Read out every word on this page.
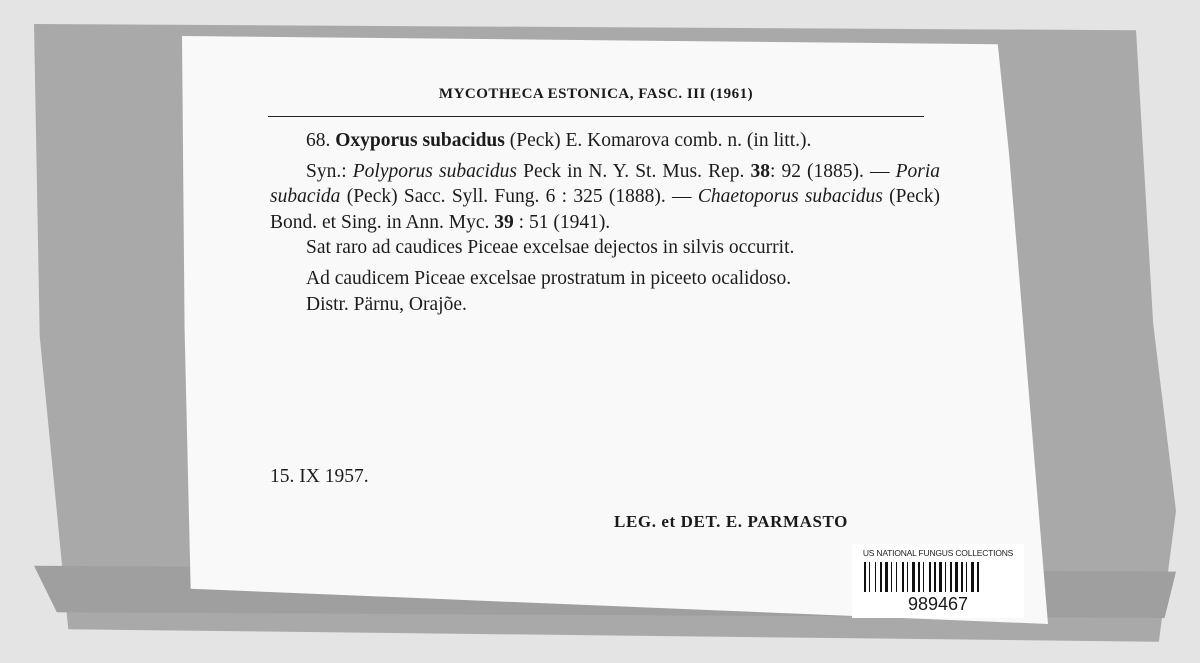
MYCOTHECA ESTONICA, FASC. III (1961)

68. Oxyporus subacidus (Peck) E. Komarova comb. n. (in litt.).

Syn.: Polyporus subacidus Peck in N. Y. St. Mus. Rep. 38: 92 (1885). — Poria subacida (Peck) Sacc. Syll. Fung. 6 : 325 (1888). — Chaetoporus subacidus (Peck) Bond. et Sing. in Ann. Myc. 39 : 51 (1941).

Sat raro ad caudices Piceae excelsae dejectos in silvis occurrit.

Ad caudicem Piceae excelsae prostratum in piceeto ocalidoso.

Distr. Pärnu, Orajõe.

15. IX 1957.
LEG. et DET. E. PARMASTO
US NATIONAL FUNGUS COLLECTIONS
989467
